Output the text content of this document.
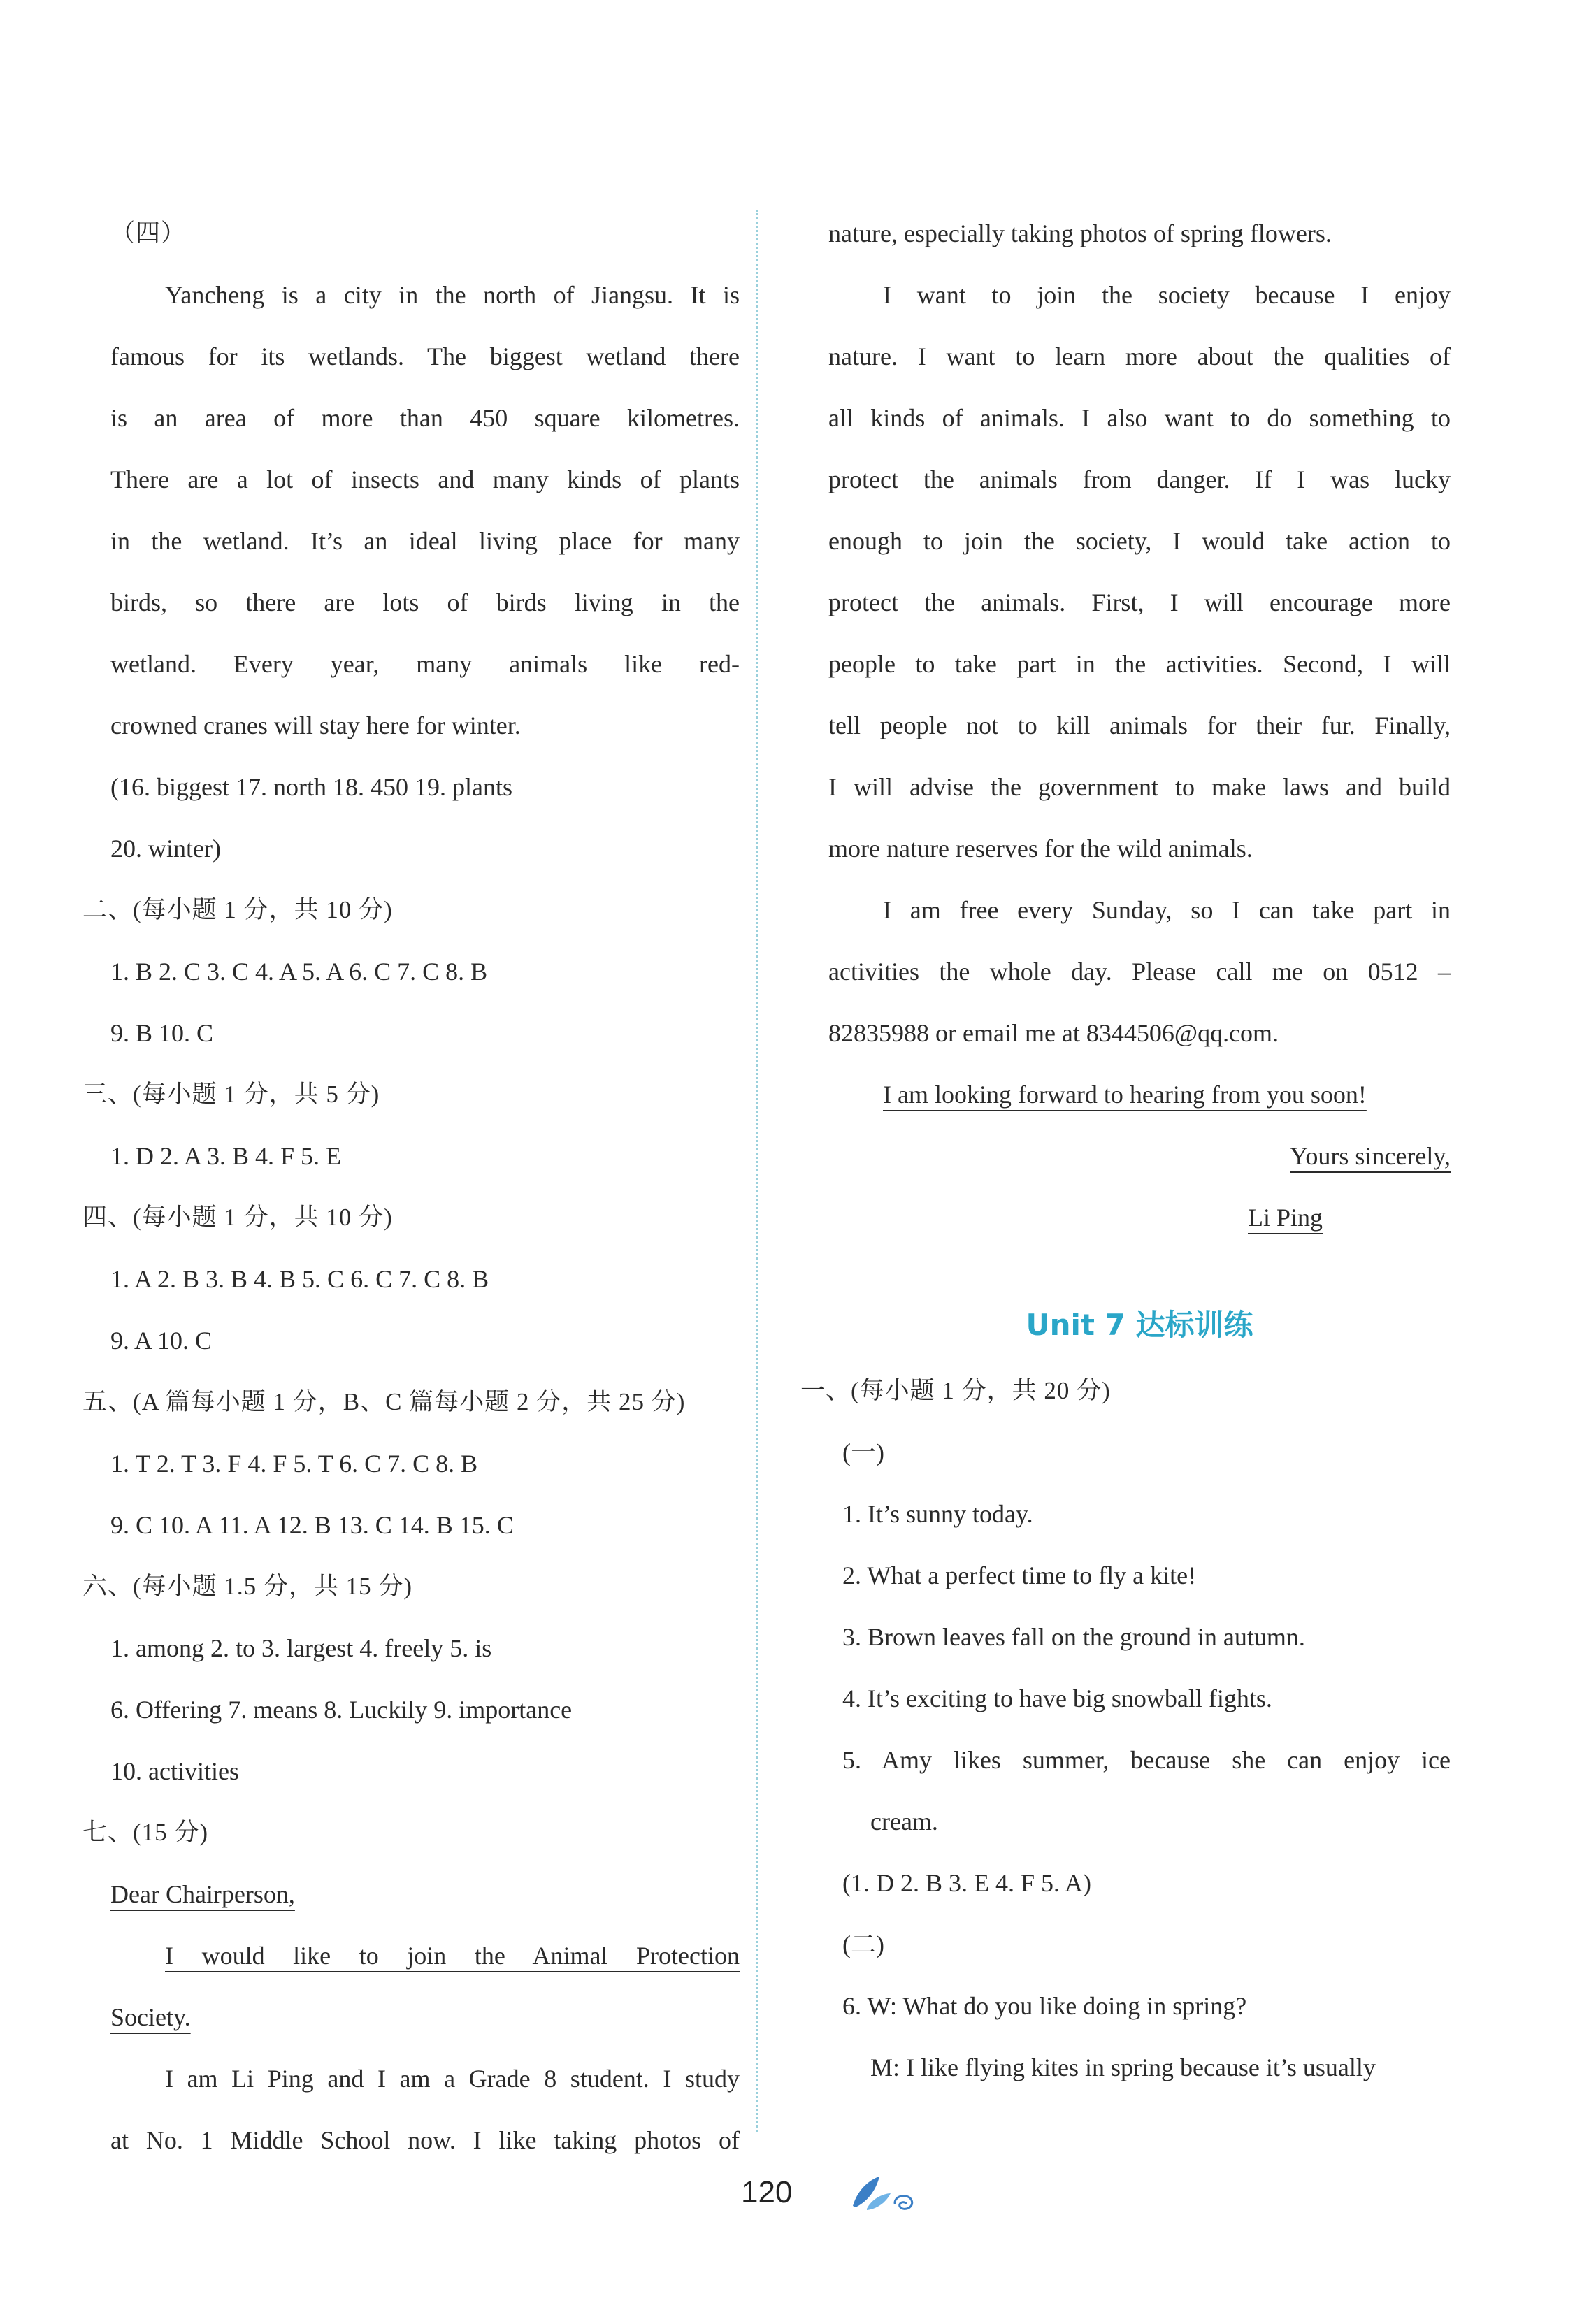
（四）
Yancheng is a city in the north of Jiangsu. It is
famous for its wetlands. The biggest wetland there
is an area of more than 450 square kilometres.
There are a lot of insects and many kinds of plants
in the wetland. It’s an ideal living place for many
birds, so there are lots of birds living in the
wetland. Every year, many animals like red-
crowned cranes will stay here for winter.
(16. biggest 17. north 18. 450 19. plants
20. winter)
二、(每小题 1 分，共 10 分)
1. B 2. C 3. C 4. A 5. A 6. C 7. C 8. B
9. B 10. C
三、(每小题 1 分，共 5 分)
1. D 2. A 3. B 4. F 5. E
四、(每小题 1 分，共 10 分)
1. A 2. B 3. B 4. B 5. C 6. C 7. C 8. B
9. A 10. C
五、(A 篇每小题 1 分，B、C 篇每小题 2 分，共 25 分)
1. T 2. T 3. F 4. F 5. T 6. C 7. C 8. B
9. C 10. A 11. A 12. B 13. C 14. B 15. C
六、(每小题 1.5 分，共 15 分)
1. among 2. to 3. largest 4. freely 5. is
6. Offering 7. means 8. Luckily 9. importance
10. activities
七、(15 分)
Dear Chairperson,
I would like to join the Animal Protection
Society.
I am Li Ping and I am a Grade 8 student. I study
at No. 1 Middle School now. I like taking photos of
nature, especially taking photos of spring flowers.
I want to join the society because I enjoy
nature. I want to learn more about the qualities of
all kinds of animals. I also want to do something to
protect the animals from danger. If I was lucky
enough to join the society, I would take action to
protect the animals. First, I will encourage more
people to take part in the activities. Second, I will
tell people not to kill animals for their fur. Finally,
I will advise the government to make laws and build
more nature reserves for the wild animals.
I am free every Sunday, so I can take part in
activities the whole day. Please call me on 0512 –
82835988 or email me at 8344506@qq.com.
I am looking forward to hearing from you soon!
Yours sincerely,
Li Ping
Unit 7 达标训练
一、(每小题 1 分，共 20 分)
(一)
1. It’s sunny today.
2. What a perfect time to fly a kite!
3. Brown leaves fall on the ground in autumn.
4. It’s exciting to have big snowball fights.
5. Amy likes summer, because she can enjoy ice
cream.
(1. D 2. B 3. E 4. F 5. A)
(二)
6. W: What do you like doing in spring?
M: I like flying kites in spring because it’s usually
120
